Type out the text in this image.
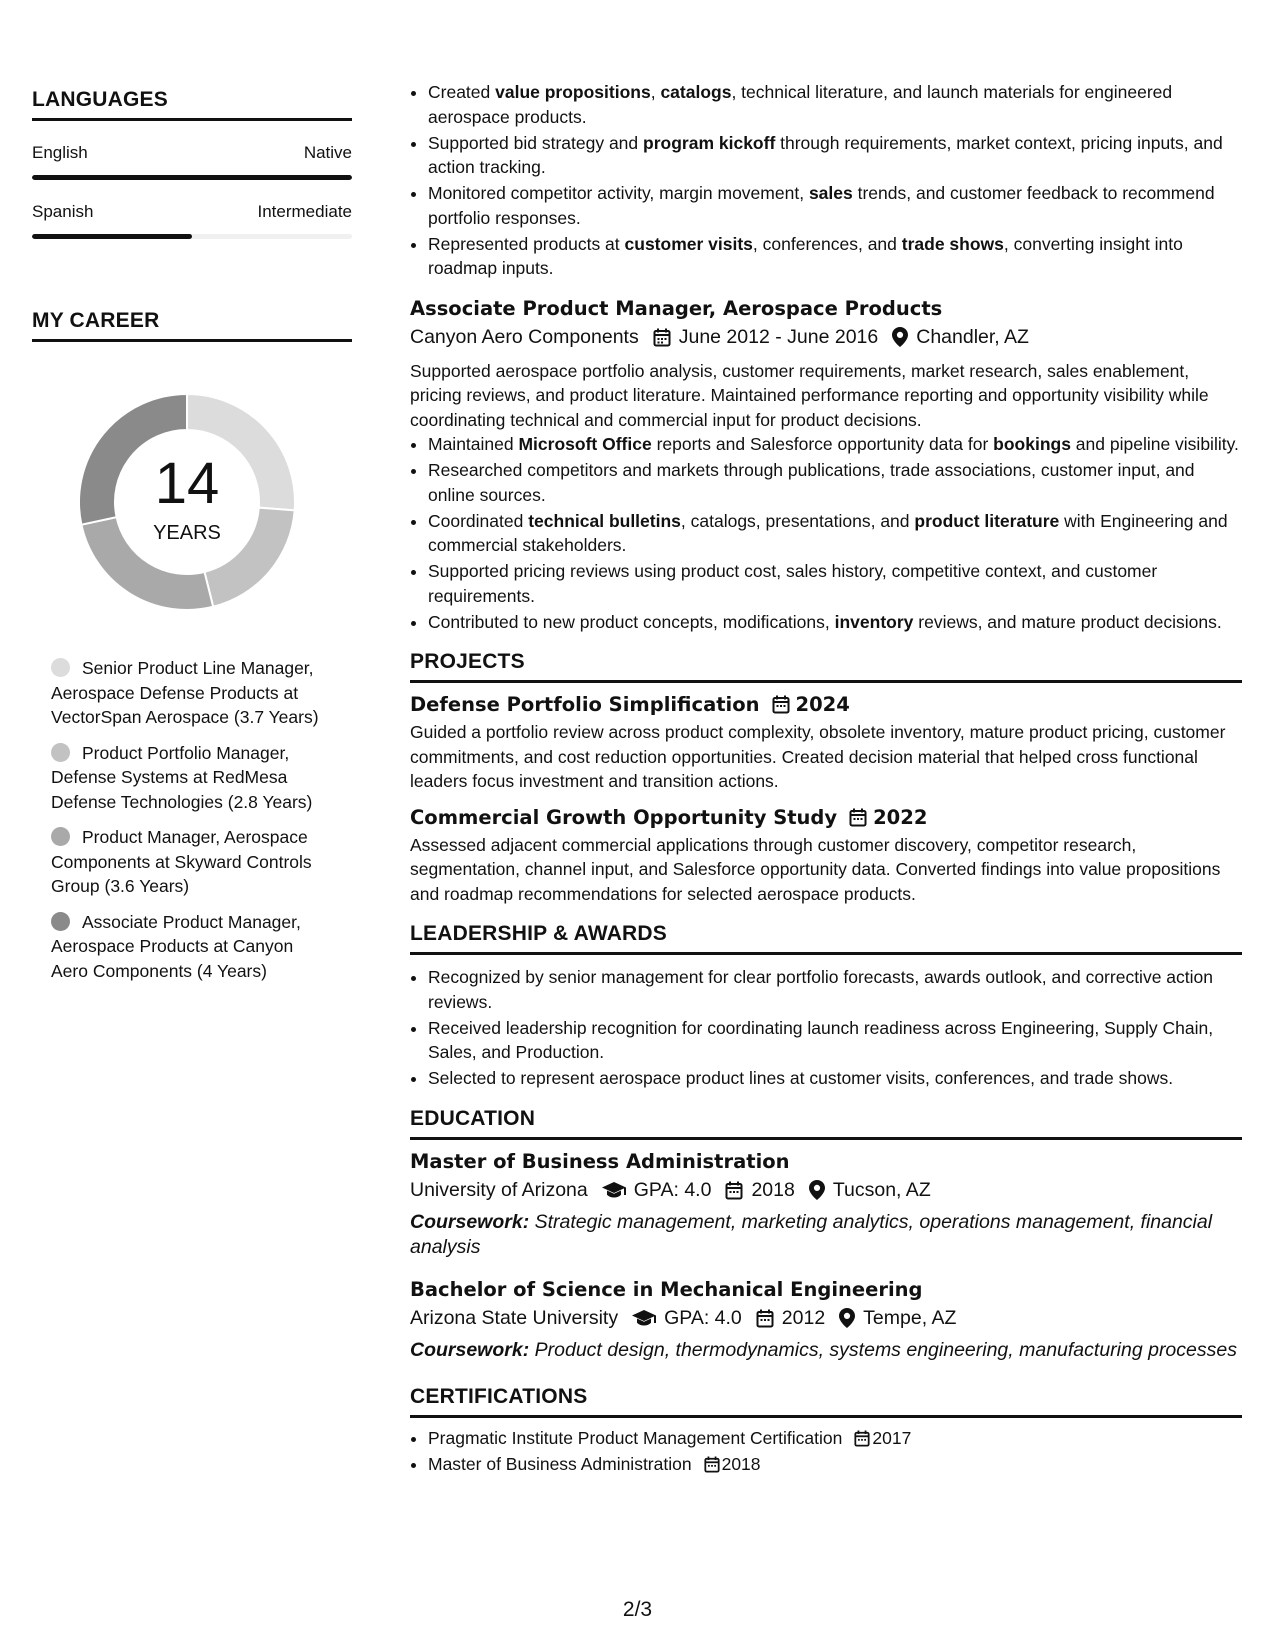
LANGUAGES
English	Native
Spanish	Intermediate
MY CAREER
14
YEARS
Senior Product Line Manager, Aerospace Defense Products at VectorSpan Aerospace (3.7 Years)
Product Portfolio Manager, Defense Systems at RedMesa Defense Technologies (2.8 Years)
Product Manager, Aerospace Components at Skyward Controls Group (3.6 Years)
Associate Product Manager, Aerospace Products at Canyon Aero Components (4 Years)
• Created value propositions, catalogs, technical literature, and launch materials for engineered aerospace products.
• Supported bid strategy and program kickoff through requirements, market context, pricing inputs, and action tracking.
• Monitored competitor activity, margin movement, sales trends, and customer feedback to recommend portfolio responses.
• Represented products at customer visits, conferences, and trade shows, converting insight into roadmap inputs.
Associate Product Manager, Aerospace Products
Canyon Aero Components June 2012 - June 2016 Chandler, AZ
Supported aerospace portfolio analysis, customer requirements, market research, sales enablement, pricing reviews, and product literature. Maintained performance reporting and opportunity visibility while coordinating technical and commercial input for product decisions.
• Maintained Microsoft Office reports and Salesforce opportunity data for bookings and pipeline visibility.
• Researched competitors and markets through publications, trade associations, customer input, and online sources.
• Coordinated technical bulletins, catalogs, presentations, and product literature with Engineering and commercial stakeholders.
• Supported pricing reviews using product cost, sales history, competitive context, and customer requirements.
• Contributed to new product concepts, modifications, inventory reviews, and mature product decisions.
PROJECTS
Defense Portfolio Simplification 2024
Guided a portfolio review across product complexity, obsolete inventory, mature product pricing, customer commitments, and cost reduction opportunities. Created decision material that helped cross functional leaders focus investment and transition actions.
Commercial Growth Opportunity Study 2022
Assessed adjacent commercial applications through customer discovery, competitor research, segmentation, channel input, and Salesforce opportunity data. Converted findings into value propositions and roadmap recommendations for selected aerospace products.
LEADERSHIP & AWARDS
• Recognized by senior management for clear portfolio forecasts, awards outlook, and corrective action reviews.
• Received leadership recognition for coordinating launch readiness across Engineering, Supply Chain, Sales, and Production.
• Selected to represent aerospace product lines at customer visits, conferences, and trade shows.
EDUCATION
Master of Business Administration
University of Arizona GPA: 4.0 2018 Tucson, AZ
Coursework: Strategic management, marketing analytics, operations management, financial analysis
Bachelor of Science in Mechanical Engineering
Arizona State University GPA: 4.0 2012 Tempe, AZ
Coursework: Product design, thermodynamics, systems engineering, manufacturing processes
CERTIFICATIONS
• Pragmatic Institute Product Management Certification 2017
• Master of Business Administration 2018
2/3
